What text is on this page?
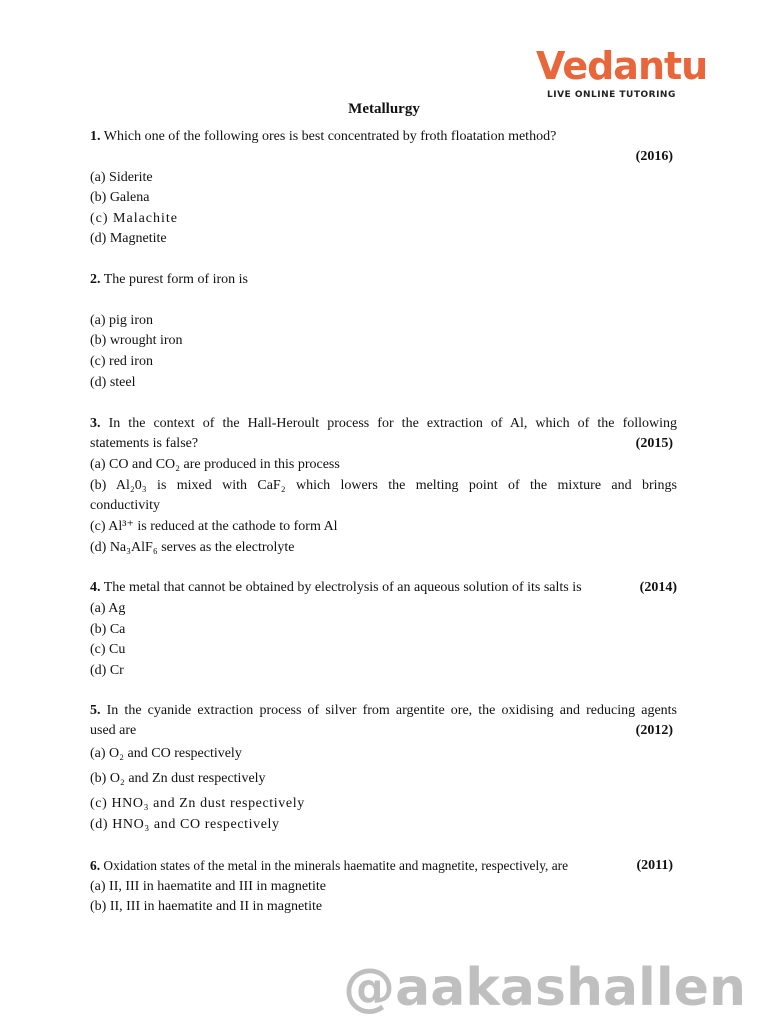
Vedantu
LIVE ONLINE TUTORING
Metallurgy
1. Which one of the following ores is best concentrated by froth floatation method?
(2016)
(a) Siderite
(b) Galena
(c) Malachite
(d) Magnetite
2. The purest form of iron is
(a) pig iron
(b) wrought iron
(c) red iron
(d) steel
3. In the context of the Hall-Heroult process for the extraction of Al, which of the following
statements is false?	(2015)
(a) CO and CO₂ are produced in this process
(b) Al₂0₃ is mixed with CaF₂ which lowers the melting point of the mixture and brings
conductivity
(c) Al³⁺ is reduced at the cathode to form Al
(d) Na₃AlF₆ serves as the electrolyte
4. The metal that cannot be obtained by electrolysis of an aqueous solution of its salts is	(2014)
(a) Ag
(b) Ca
(c) Cu
(d) Cr
5. In the cyanide extraction process of silver from argentite ore, the oxidising and reducing agents
used are	(2012)
(a) O₂ and CO respectively
(b) O₂ and Zn dust respectively
(c) HNO₃ and Zn dust respectively
(d) HNO₃ and CO respectively
6. Oxidation states of the metal in the minerals haematite and magnetite, respectively, are	(2011)
(a) II, III in haematite and III in magnetite
(b) II, III in haematite and II in magnetite
@aakashallen
